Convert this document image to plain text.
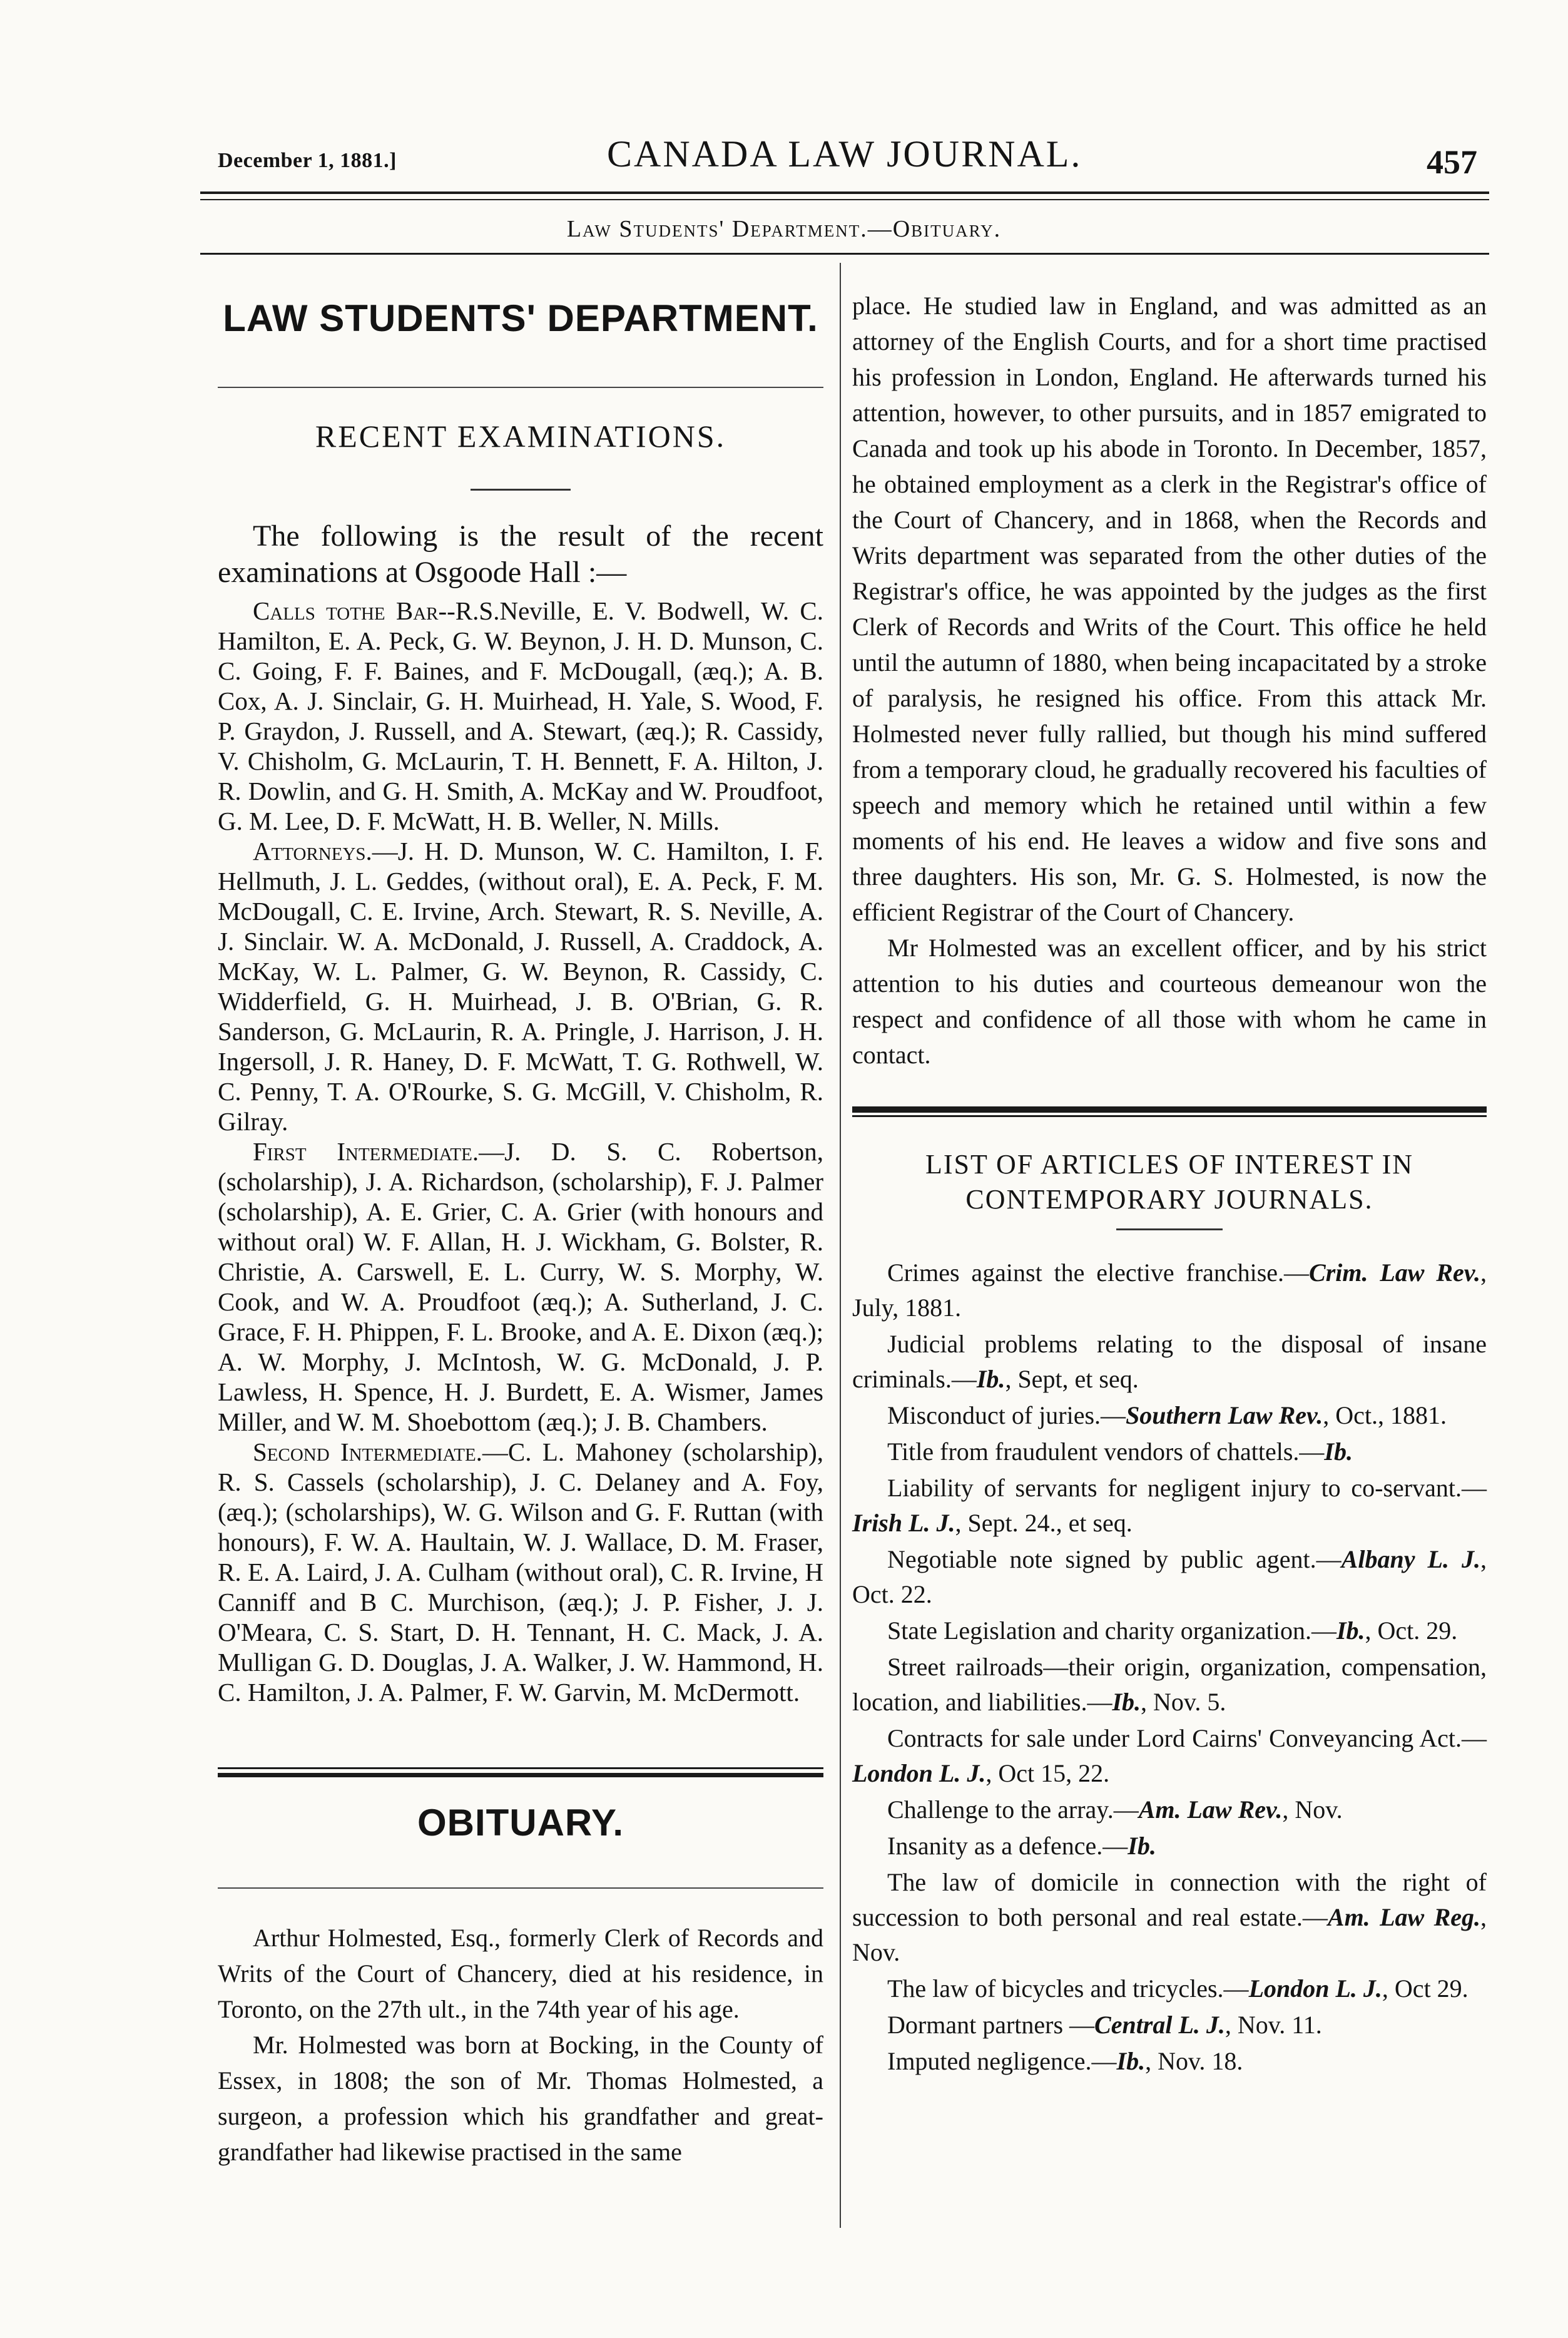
December 1, 1881.]	CANADA LAW JOURNAL.	457
Law Students' Department.—Obituary.
LAW STUDENTS' DEPARTMENT.
RECENT EXAMINATIONS.

The following is the result of the recent examinations at Osgoode Hall :—

Calls tothe Bar--R.S.Neville, E. V. Bodwell, W. C. Hamilton, E. A. Peck, G. W. Beynon, J. H. D. Munson, C. C. Going, F. F. Baines, and F. McDougall, (æq.); A. B. Cox, A. J. Sinclair, G. H. Muirhead, H. Yale, S. Wood, F. P. Graydon, J. Russell, and A. Stewart, (æq.); R. Cassidy, V. Chisholm, G. McLaurin, T. H. Bennett, F. A. Hilton, J. R. Dowlin, and G. H. Smith, A. McKay and W. Proudfoot, G. M. Lee, D. F. McWatt, H. B. Weller, N. Mills.

Attorneys.—J. H. D. Munson, W. C. Hamilton, I. F. Hellmuth, J. L. Geddes, (without oral), E. A. Peck, F. M. McDougall, C. E. Irvine, Arch. Stewart, R. S. Neville, A. J. Sinclair. W. A. McDonald, J. Russell, A. Craddock, A. McKay, W. L. Palmer, G. W. Beynon, R. Cassidy, C. Widderfield, G. H. Muirhead, J. B. O'Brian, G. R. Sanderson, G. McLaurin, R. A. Pringle, J. Harrison, J. H. Ingersoll, J. R. Haney, D. F. McWatt, T. G. Rothwell, W. C. Penny, T. A. O'Rourke, S. G. McGill, V. Chisholm, R. Gilray.

First Intermediate.—J. D. S. C. Robertson, (scholarship), J. A. Richardson, (scholarship), F. J. Palmer (scholarship), A. E. Grier, C. A. Grier (with honours and without oral) W. F. Allan, H. J. Wickham, G. Bolster, R. Christie, A. Carswell, E. L. Curry, W. S. Morphy, W. Cook, and W. A. Proudfoot (æq.); A. Sutherland, J. C. Grace, F. H. Phippen, F. L. Brooke, and A. E. Dixon (æq.); A. W. Morphy, J. McIntosh, W. G. McDonald, J. P. Lawless, H. Spence, H. J. Burdett, E. A. Wismer, James Miller, and W. M. Shoebottom (æq.); J. B. Chambers.

Second Intermediate.—C. L. Mahoney (scholarship), R. S. Cassels (scholarship), J. C. Delaney and A. Foy, (æq.); (scholarships), W. G. Wilson and G. F. Ruttan (with honours), F. W. A. Haultain, W. J. Wallace, D. M. Fraser, R. E. A. Laird, J. A. Culham (without oral), C. R. Irvine, H Canniff and B C. Murchison, (æq.); J. P. Fisher, J. J. O'Meara, C. S. Start, D. H. Tennant, H. C. Mack, J. A. Mulligan G. D. Douglas, J. A. Walker, J. W. Hammond, H. C. Hamilton, J. A. Palmer, F. W. Garvin, M. McDermott.

OBITUARY.

Arthur Holmested, Esq., formerly Clerk of Records and Writs of the Court of Chancery, died at his residence, in Toronto, on the 27th ult., in the 74th year of his age.

Mr. Holmested was born at Bocking, in the County of Essex, in 1808; the son of Mr. Thomas Holmested, a surgeon, a profession which his grandfather and great-grandfather had likewise practised in the same

place. He studied law in England, and was admitted as an attorney of the English Courts, and for a short time practised his profession in London, England. He afterwards turned his attention, however, to other pursuits, and in 1857 emigrated to Canada and took up his abode in Toronto. In December, 1857, he obtained employment as a clerk in the Registrar's office of the Court of Chancery, and in 1868, when the Records and Writs department was separated from the other duties of the Registrar's office, he was appointed by the judges as the first Clerk of Records and Writs of the Court. This office he held until the autumn of 1880, when being incapacitated by a stroke of paralysis, he resigned his office. From this attack Mr. Holmested never fully rallied, but though his mind suffered from a temporary cloud, he gradually recovered his faculties of speech and memory which he retained until within a few moments of his end. He leaves a widow and five sons and three daughters. His son, Mr. G. S. Holmested, is now the efficient Registrar of the Court of Chancery.

Mr Holmested was an excellent officer, and by his strict attention to his duties and courteous demeanour won the respect and confidence of all those with whom he came in contact.

LIST OF ARTICLES OF INTEREST IN CONTEMPORARY JOURNALS.
Crimes against the elective franchise.—Crim. Law Rev., July, 1881.
Judicial problems relating to the disposal of insane criminals.—Ib., Sept, et seq.
Misconduct of juries.—Southern Law Rev., Oct., 1881.
Title from fraudulent vendors of chattels.—Ib.
Liability of servants for negligent injury to co-servant.—Irish L. J., Sept. 24., et seq.
Negotiable note signed by public agent.—Albany L. J., Oct. 22.
State Legislation and charity organization.—Ib., Oct. 29.
Street railroads—their origin, organization, compensation, location, and liabilities.—Ib., Nov. 5.
Contracts for sale under Lord Cairns' Conveyancing Act.—London L. J., Oct 15, 22.
Challenge to the array.—Am. Law Rev., Nov.
Insanity as a defence.—Ib.
The law of domicile in connection with the right of succession to both personal and real estate.—Am. Law Reg., Nov.
The law of bicycles and tricycles.—London L. J., Oct 29.
Dormant partners —Central L. J., Nov. 11.
Imputed negligence.—Ib., Nov. 18.
